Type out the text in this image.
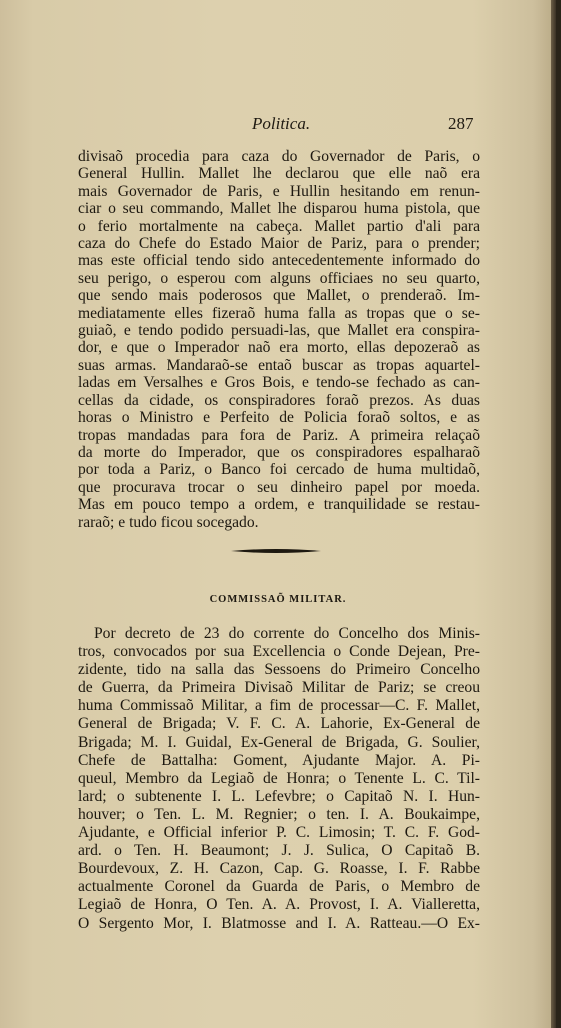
Politica.	287
divisaõ procedia para caza do Governador de Paris, o
General Hullin. Mallet lhe declarou que elle naõ era
mais Governador de Paris, e Hullin hesitando em renun-
ciar o seu commando, Mallet lhe disparou huma pistola, que
o ferio mortalmente na cabeça. Mallet partio d'ali para
caza do Chefe do Estado Maior de Pariz, para o prender;
mas este official tendo sido antecedentemente informado do
seu perigo, o esperou com alguns officiaes no seu quarto,
que sendo mais poderosos que Mallet, o prenderaõ. Im-
mediatamente elles fizeraõ huma falla as tropas que o se-
guiaõ, e tendo podido persuadi-las, que Mallet era conspira-
dor, e que o Imperador naõ era morto, ellas depozeraõ as
suas armas. Mandaraõ-se entaõ buscar as tropas aquartel-
ladas em Versalhes e Gros Bois, e tendo-se fechado as can-
cellas da cidade, os conspiradores foraõ prezos. As duas
horas o Ministro e Perfeito de Policia foraõ soltos, e as
tropas mandadas para fora de Pariz. A primeira relaçaõ
da morte do Imperador, que os conspiradores espalharaõ
por toda a Pariz, o Banco foi cercado de huma multidaõ,
que procurava trocar o seu dinheiro papel por moeda.
Mas em pouco tempo a ordem, e tranquilidade se restau-
raraõ; e tudo ficou socegado.
COMMISSAÕ MILITAR.
Por decreto de 23 do corrente do Concelho dos Minis-
tros, convocados por sua Excellencia o Conde Dejean, Pre-
zidente, tido na salla das Sessoens do Primeiro Concelho
de Guerra, da Primeira Divisaõ Militar de Pariz; se creou
huma Commissaõ Militar, a fim de processar—C. F. Mallet,
General de Brigada; V. F. C. A. Lahorie, Ex-General de
Brigada; M. I. Guidal, Ex-General de Brigada, G. Soulier,
Chefe de Battalha: Goment, Ajudante Major. A. Pi-
queul, Membro da Legiaõ de Honra; o Tenente L. C. Til-
lard; o subtenente I. L. Lefevbre; o Capitaõ N. I. Hun-
houver; o Ten. L. M. Regnier; o ten. I. A. Boukaimpe,
Ajudante, e Official inferior P. C. Limosin; T. C. F. God-
ard. o Ten. H. Beaumont; J. J. Sulica, O Capitaõ B.
Bourdevoux, Z. H. Cazon, Cap. G. Roasse, I. F. Rabbe
actualmente Coronel da Guarda de Paris, o Membro de
Legiaõ de Honra, O Ten. A. A. Provost, I. A. Vialleretta,
O Sergento Mor, I. Blatmosse and I. A. Ratteau.—O Ex-
